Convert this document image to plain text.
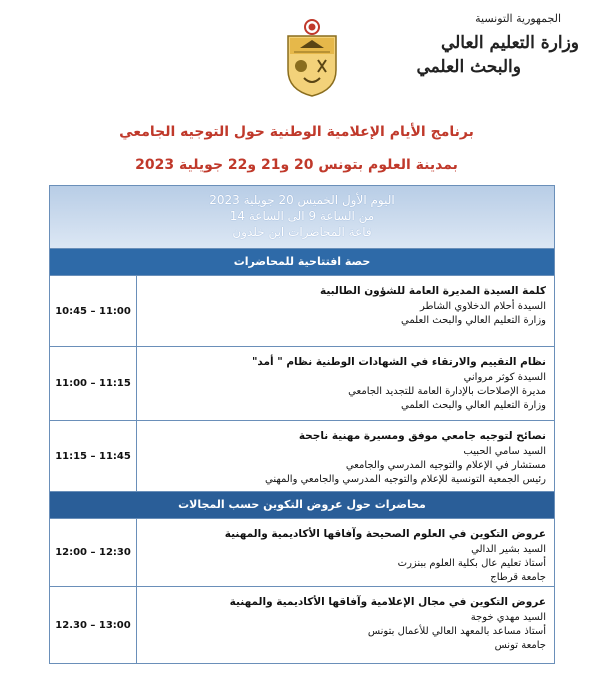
الجمهورية التونسية
وزارة التعليم العالي
والبحث العلمي
برنامج الأيام الإعلامية الوطنية حول التوجيه الجامعي
بمدينة العلوم بتونس 20 و21 و22 جويلية 2023
اليوم الأول الخميس 20 جويلية 2023
من الساعة 9 الى الساعة 14
قاعة المحاضرات ابن خلدون
حصة افتتاحية للمحاضرات
كلمة السيدة المديرة العامة للشؤون الطالبية
السيدة أحلام الدخلاوي الشاطر
وزارة التعليم العالي والبحث العلمي
10:45 – 11:00
نظام التقييم والارتقاء في الشهادات الوطنية نظام " أمد"
السيدة كوثر مرواني
مديرة الإصلاحات بالإدارة العامة للتجديد الجامعي
وزارة التعليم العالي والبحث العلمي
11:00 – 11:15
نصائح لتوجيه جامعي موفق ومسيرة مهنية ناجحة
السيد سامي الحبيب
مستشار في الإعلام والتوجيه المدرسي والجامعي
رئيس الجمعية التونسية للإعلام والتوجيه المدرسي والجامعي والمهني
11:15 – 11:45
محاضرات حول عروض التكوين حسب المجالات
عروض التكوين في العلوم الصحيحة وآفاقها الأكاديمية والمهنية
السيد بشير الدالي
أستاذ تعليم عال بكلية العلوم ببنزرت
جامعة قرطاج
12:00 – 12:30
عروض التكوين في مجال الإعلامية وآفاقها الأكاديمية والمهنية
السيد مهدي خوجة
أستاذ مساعد بالمعهد العالي للأعمال بتونس
جامعة تونس
12.30 – 13:00
